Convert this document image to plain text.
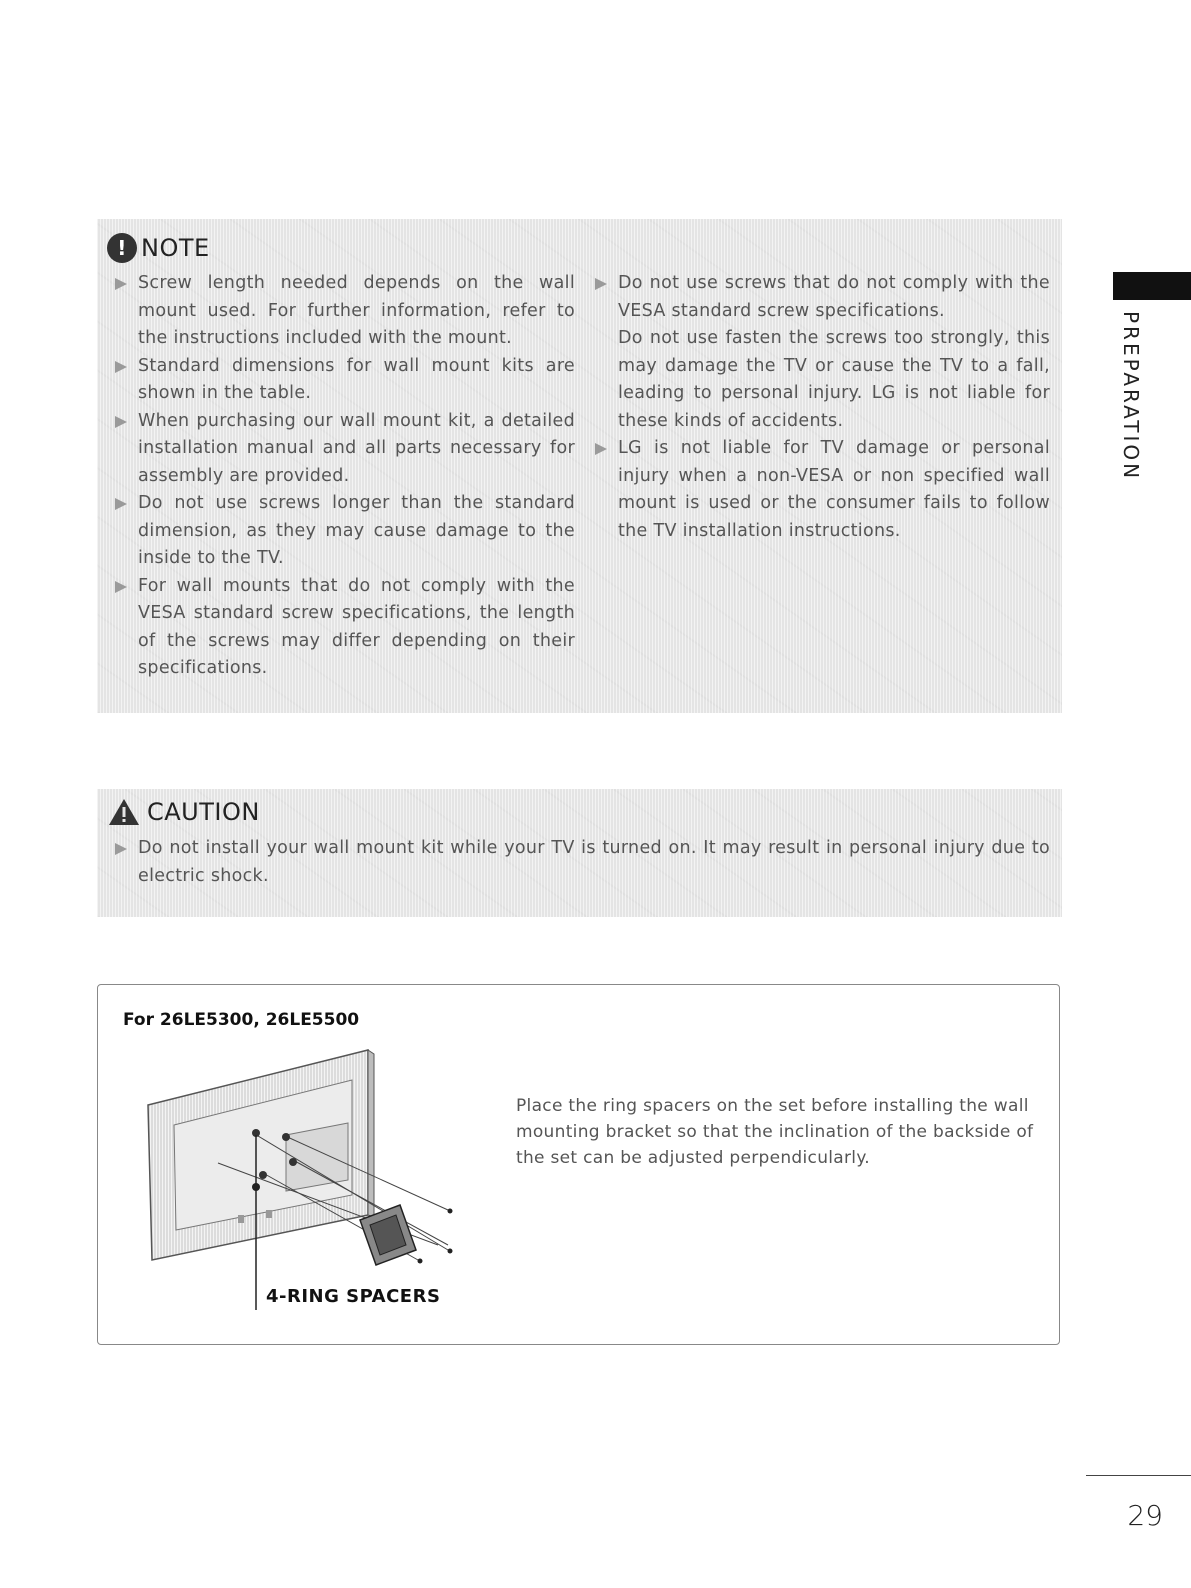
! NOTE

Screw length needed depends on the wall mount used. For further information, refer to the instructions included with the mount.

Standard dimensions for wall mount kits are shown in the table.

When purchasing our wall mount kit, a detailed installation manual and all parts necessary for assembly are provided.

Do not use screws longer than the standard dimension, as they may cause damage to the inside to the TV.

For wall mounts that do not comply with the VESA standard screw specifications, the length of the screws may differ depending on their specifications.

Do not use screws that do not comply with the VESA standard screw specifications.

Do not use fasten the screws too strongly, this may damage the TV or cause the TV to a fall, leading to personal injury. LG is not liable for these kinds of accidents.

LG is not liable for TV damage or personal injury when a non-VESA or non specified wall mount is used or the consumer fails to follow the TV installation instructions.

CAUTION

Do not install your wall mount kit while your TV is turned on. It may result in personal injury due to electric shock.

For 26LE5300, 26LE5500
4-RING SPACERS
Place the ring spacers on the set before installing the wall mounting bracket so that the inclination of the backside of the set can be adjusted perpendicularly.
PREPARATION
29
